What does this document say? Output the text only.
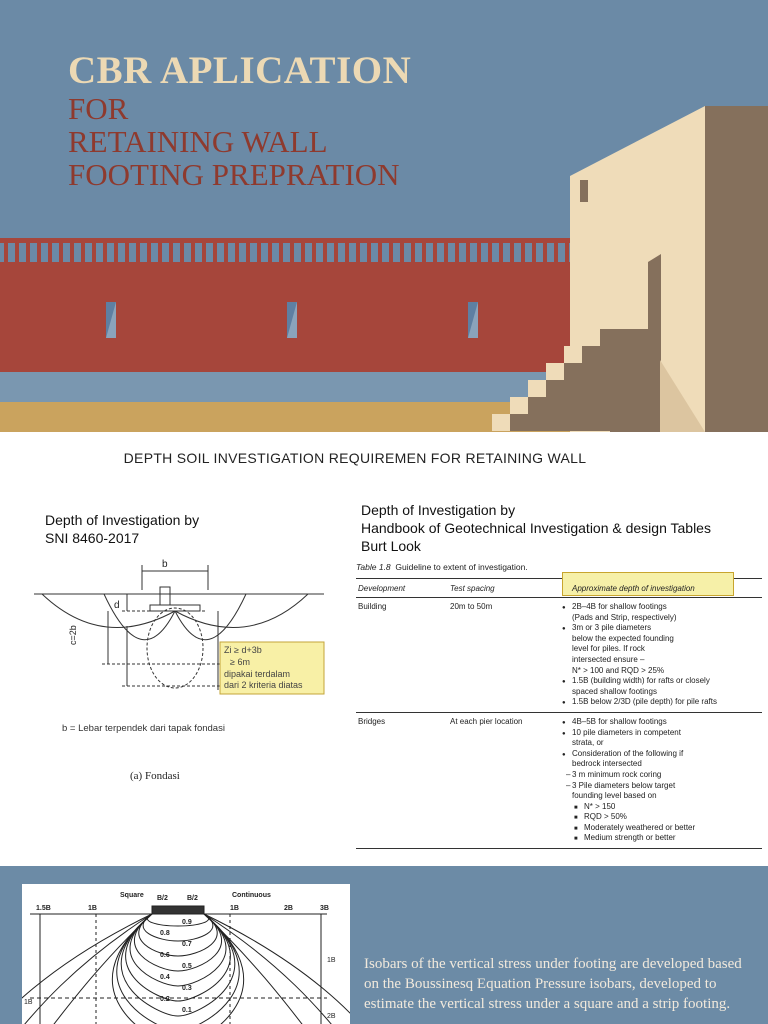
CBR APLICATION
FOR
RETAINING WALL
FOOTING PREPRATION
DEPTH SOIL INVESTIGATION REQUIREMEN FOR RETAINING WALL
Depth of Investigation by
SNI 8460-2017
b
d
c=2b
Zi ≥ d+3b
≥ 6m
dipakai terdalam
dari 2 kriteria diatas
b = Lebar terpendek dari tapak fondasi
(a) Fondasi
Depth of Investigation by
Handbook of Geotechnical Investigation & design Tables
Burt Look
Table 1.8 Guideline to extent of investigation.
Development	Test spacing	Approximate depth of investigation
Building	20m to 50m	● 2B–4B for shallow footings
(Pads and Strip, respectively)
● 3m or 3 pile diameters
below the expected founding
level for piles. If rock
intersected ensure –
N* > 100 and RQD > 25%
● 1.5B (building width) for rafts or closely
spaced shallow footings
● 1.5B below 2/3D (pile depth) for pile rafts
Bridges	At each pier location	● 4B–5B for shallow footings
● 10 pile diameters in competent
strata, or
● Consideration of the following if
bedrock intersected
– 3 m minimum rock coring
– 3 Pile diameters below target
founding level based on
■ N* > 150
■ RQD > 50%
■ Moderately weathered or better
■ Medium strength or better
Square	Continuous
1.5B	1B
B/2	B/2
1B	2B	3B
0.9
0.8
0.7
0.6
0.5
0.4
0.3
0.2
0.1
1B
1B
2B
Isobars of the vertical stress under footing are developed based on the Boussinesq Equation Pressure isobars, developed to estimate the vertical stress under a square and a strip footing.
